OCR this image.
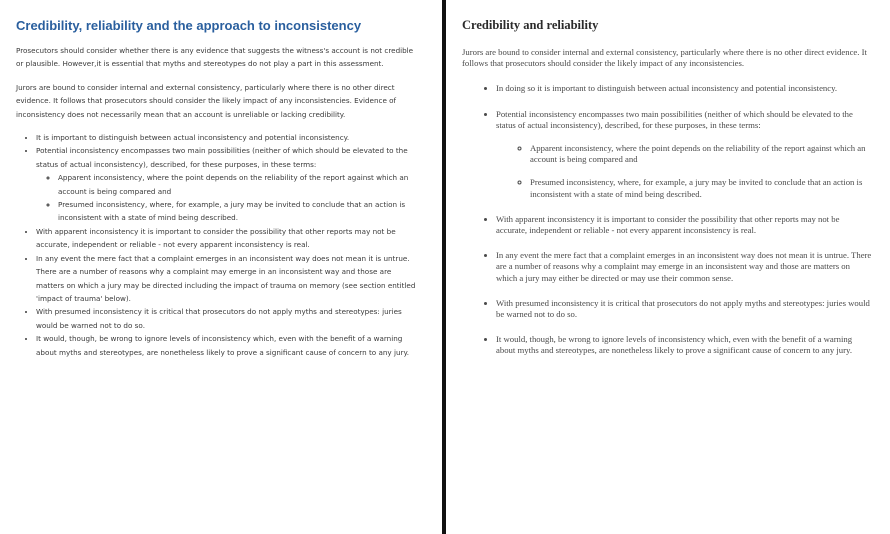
Credibility, reliability and the approach to inconsistency

Prosecutors should consider whether there is any evidence that suggests the witness's account is not credible or plausible. However,it is essential that myths and stereotypes do not play a part in this assessment.

Jurors are bound to consider internal and external consistency, particularly where there is no other direct evidence. It follows that prosecutors should consider the likely impact of any inconsistencies. Evidence of inconsistency does not necessarily mean that an account is unreliable or lacking credibility.

• It is important to distinguish between actual inconsistency and potential inconsistency.
• Potential inconsistency encompasses two main possibilities (neither of which should be elevated to the status of actual inconsistency), described, for these purposes, in these terms:
◦ Apparent inconsistency, where the point depends on the reliability of the report against which an account is being compared and
◦ Presumed inconsistency, where, for example, a jury may be invited to conclude that an action is inconsistent with a state of mind being described.
• With apparent inconsistency it is important to consider the possibility that other reports may not be accurate, independent or reliable - not every apparent inconsistency is real.
• In any event the mere fact that a complaint emerges in an inconsistent way does not mean it is untrue. There are a number of reasons why a complaint may emerge in an inconsistent way and those are matters on which a jury may be directed including the impact of trauma on memory (see section entitled 'impact of trauma' below).
• With presumed inconsistency it is critical that prosecutors do not apply myths and stereotypes: juries would be warned not to do so.
• It would, though, be wrong to ignore levels of inconsistency which, even with the benefit of a warning about myths and stereotypes, are nonetheless likely to prove a significant cause of concern to any jury.
Credibility and reliability

Jurors are bound to consider internal and external consistency, particularly where there is no other direct evidence. It follows that prosecutors should consider the likely impact of any inconsistencies.

• In doing so it is important to distinguish between actual inconsistency and potential inconsistency.
• Potential inconsistency encompasses two main possibilities (neither of which should be elevated to the status of actual inconsistency), described, for these purposes, in these terms:
◦ Apparent inconsistency, where the point depends on the reliability of the report against which an account is being compared and
◦ Presumed inconsistency, where, for example, a jury may be invited to conclude that an action is inconsistent with a state of mind being described.
• With apparent inconsistency it is important to consider the possibility that other reports may not be accurate, independent or reliable - not every apparent inconsistency is real.
• In any event the mere fact that a complaint emerges in an inconsistent way does not mean it is untrue. There are a number of reasons why a complaint may emerge in an inconsistent way and those are matters on which a jury may either be directed or may use their common sense.
• With presumed inconsistency it is critical that prosecutors do not apply myths and stereotypes: juries would be warned not to do so.
• It would, though, be wrong to ignore levels of inconsistency which, even with the benefit of a warning about myths and stereotypes, are nonetheless likely to prove a significant cause of concern to any jury.
